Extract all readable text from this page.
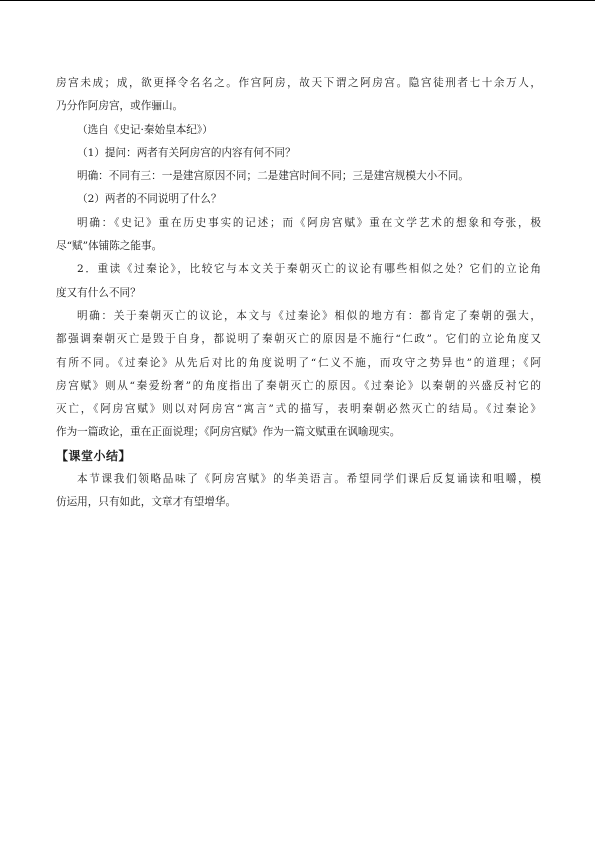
房宫未成；成，欲更择令名名之。作宫阿房，故天下谓之阿房宫。隐宫徒刑者七十余万人，

乃分作阿房宫，或作骊山。

（选自《史记·秦始皇本纪》）

（1）提问：两者有关阿房宫的内容有何不同？

明确：不同有三：一是建宫原因不同；二是建宫时间不同；三是建宫规模大小不同。

（2）两者的不同说明了什么？

明确：《史记》重在历史事实的记述；而《阿房宫赋》重在文学艺术的想象和夸张，极

尽“赋”体铺陈之能事。

2．重读《过秦论》，比较它与本文关于秦朝灭亡的议论有哪些相似之处？它们的立论角

度又有什么不同？

明确：关于秦朝灭亡的议论，本文与《过秦论》相似的地方有：都肯定了秦朝的强大，

都强调秦朝灭亡是毁于自身，都说明了秦朝灭亡的原因是不施行“仁政”。它们的立论角度又

有所不同。《过秦论》从先后对比的角度说明了“仁义不施，而攻守之势异也”的道理；《阿

房宫赋》则从“秦爱纷奢”的角度指出了秦朝灭亡的原因。《过秦论》以秦朝的兴盛反衬它的

灭亡，《阿房宫赋》则以对阿房宫“寓言”式的描写，表明秦朝必然灭亡的结局。《过秦论》

作为一篇政论，重在正面说理；《阿房宫赋》作为一篇文赋重在讽喻现实。

【课堂小结】

本节课我们领略品味了《阿房宫赋》的华美语言。希望同学们课后反复诵读和咀嚼，模

仿运用，只有如此，文章才有望增华。
